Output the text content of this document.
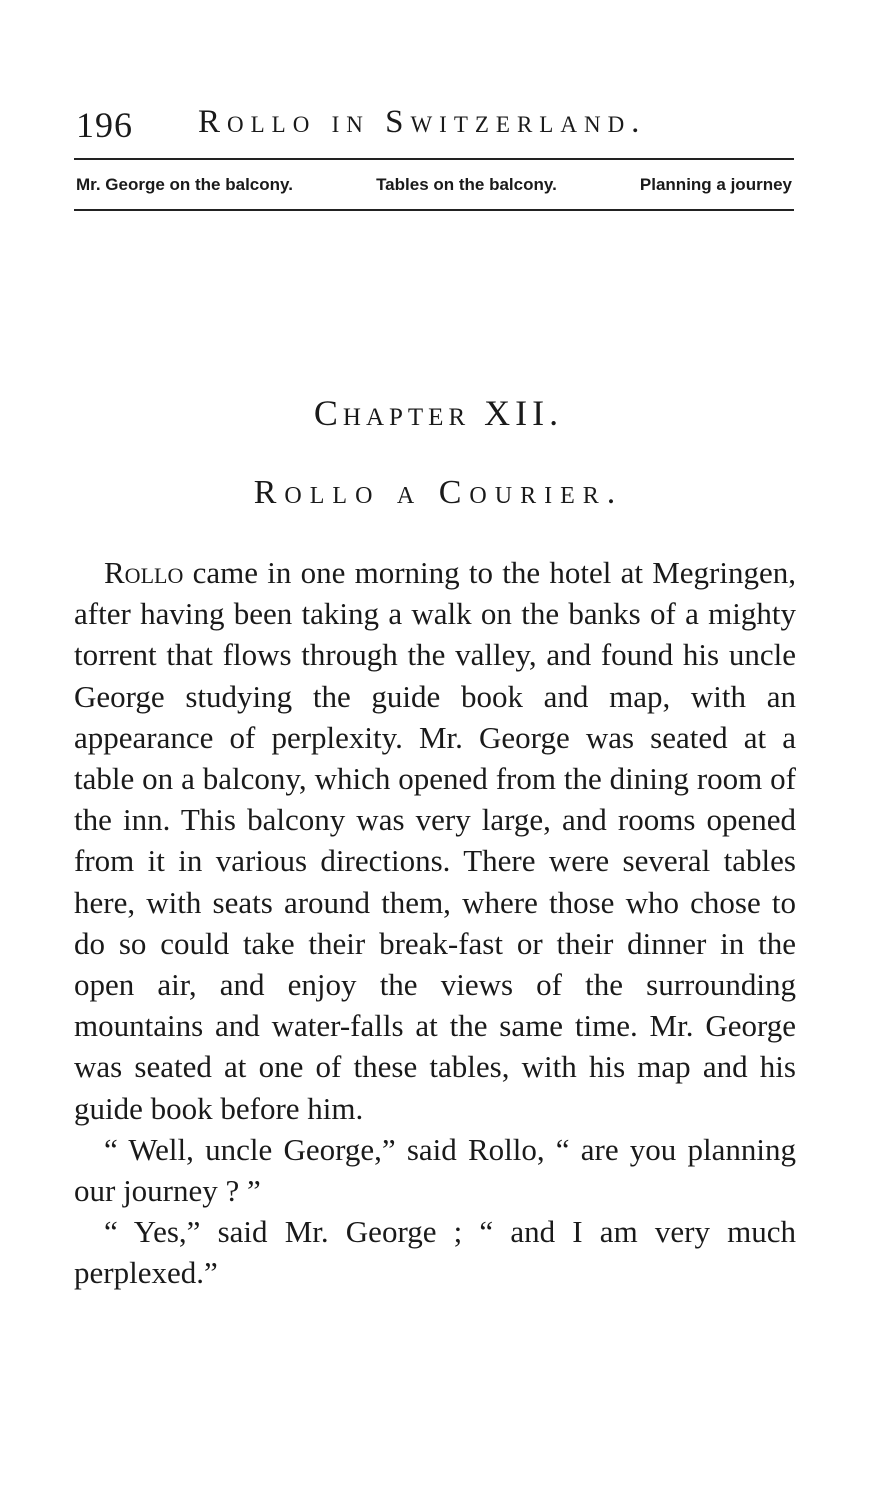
196 Rollo in Switzerland.
Mr. George on the balcony.	Tables on the balcony.	Planning a journey
Chapter XII.
Rollo a Courier.

Rollo came in one morning to the hotel at Megringen, after having been taking a walk on the banks of a mighty torrent that flows through the valley, and found his uncle George studying the guide book and map, with an appearance of perplexity. Mr. George was seated at a table on a balcony, which opened from the dining room of the inn. This balcony was very large, and rooms opened from it in various directions. There were several tables here, with seats around them, where those who chose to do so could take their break-fast or their dinner in the open air, and enjoy the views of the surrounding mountains and water-falls at the same time. Mr. George was seated at one of these tables, with his map and his guide book before him.

“ Well, uncle George,” said Rollo, “ are you planning our journey ? ”

“ Yes,” said Mr. George ; “ and I am very much perplexed.”
